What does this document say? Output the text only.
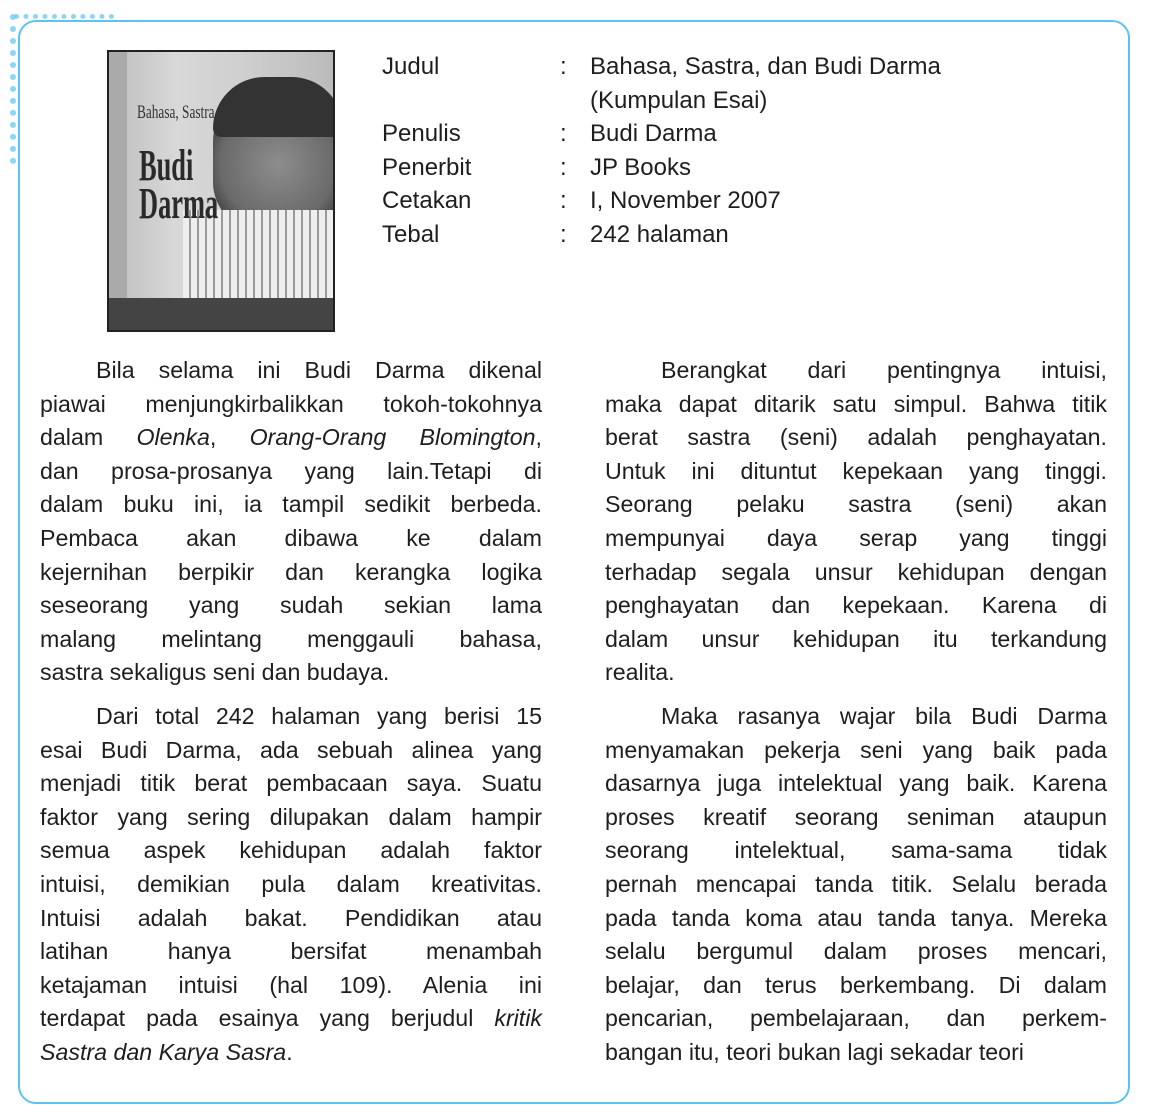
Bahasa, Sastra
Budi Darma
Judul	: Bahasa, Sastra, dan Budi Darma
(Kumpulan Esai)
Penulis	: Budi Darma
Penerbit	: JP Books
Cetakan	: I, November 2007
Tebal	: 242 halaman
Bila selama ini Budi Darma dikenal
piawai menjungkirbalikkan tokoh-tokohnya
dalam Olenka, Orang-Orang Blomington,
dan prosa-prosanya yang lain.Tetapi di
dalam buku ini, ia tampil sedikit berbeda.
Pembaca akan dibawa ke dalam
kejernihan berpikir dan kerangka logika
seseorang yang sudah sekian lama
malang melintang menggauli bahasa,
sastra sekaligus seni dan budaya.
Dari total 242 halaman yang berisi 15
esai Budi Darma, ada sebuah alinea yang
menjadi titik berat pembacaan saya. Suatu
faktor yang sering dilupakan dalam hampir
semua aspek kehidupan adalah faktor
intuisi, demikian pula dalam kreativitas.
Intuisi adalah bakat. Pendidikan atau
latihan hanya bersifat menambah
ketajaman intuisi (hal 109). Alenia ini
terdapat pada esainya yang berjudul kritik
Sastra dan Karya Sasra.
Berangkat dari pentingnya intuisi,
maka dapat ditarik satu simpul. Bahwa titik
berat sastra (seni) adalah penghayatan.
Untuk ini dituntut kepekaan yang tinggi.
Seorang pelaku sastra (seni) akan
mempunyai daya serap yang tinggi
terhadap segala unsur kehidupan dengan
penghayatan dan kepekaan. Karena di
dalam unsur kehidupan itu terkandung
realita.
Maka rasanya wajar bila Budi Darma
menyamakan pekerja seni yang baik pada
dasarnya juga intelektual yang baik. Karena
proses kreatif seorang seniman ataupun
seorang intelektual, sama-sama tidak
pernah mencapai tanda titik. Selalu berada
pada tanda koma atau tanda tanya. Mereka
selalu bergumul dalam proses mencari,
belajar, dan terus berkembang. Di dalam
pencarian, pembelajaraan, dan perkem-
bangan itu, teori bukan lagi sekadar teori
